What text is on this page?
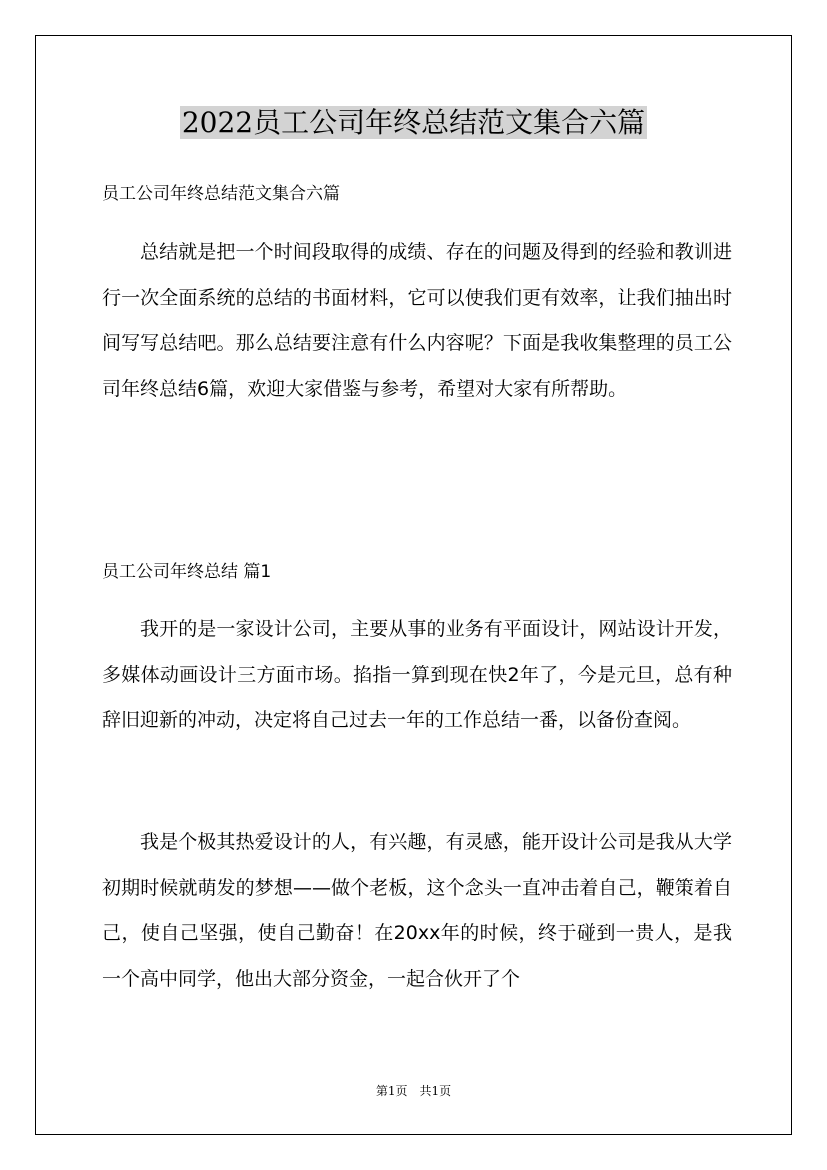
2022员工公司年终总结范文集合六篇

员工公司年终总结范文集合六篇

总结就是把一个时间段取得的成绩、存在的问题及得到的经验和教训进行一次全面系统的总结的书面材料，它可以使我们更有效率，让我们抽出时间写写总结吧。那么总结要注意有什么内容呢？下面是我收集整理的员工公司年终总结6篇，欢迎大家借鉴与参考，希望对大家有所帮助。

员工公司年终总结 篇1

我开的是一家设计公司，主要从事的业务有平面设计，网站设计开发，多媒体动画设计三方面市场。掐指一算到现在快2年了，今是元旦，总有种辞旧迎新的冲动，决定将自己过去一年的工作总结一番，以备份查阅。

我是个极其热爱设计的人，有兴趣，有灵感，能开设计公司是我从大学初期时候就萌发的梦想——做个老板，这个念头一直冲击着自己，鞭策着自己，使自己坚强，使自己勤奋！在20xx年的时候，终于碰到一贵人，是我一个高中同学，他出大部分资金，一起合伙开了个

第1页　共1页
